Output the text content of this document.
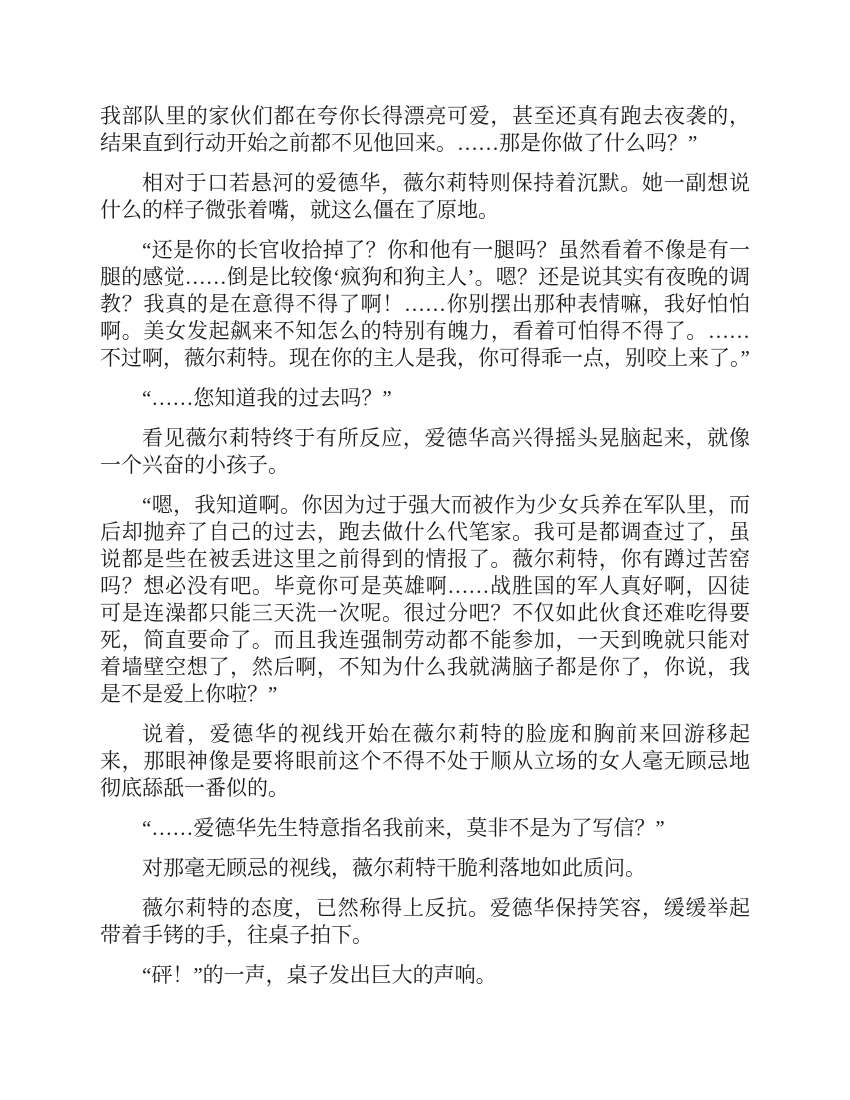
我部队里的家伙们都在夸你长得漂亮可爱，甚至还真有跑去夜袭的，结果直到行动开始之前都不见他回来。……那是你做了什么吗？”

相对于口若悬河的爱德华，薇尔莉特则保持着沉默。她一副想说什么的样子微张着嘴，就这么僵在了原地。

“还是你的长官收拾掉了？你和他有一腿吗？虽然看着不像是有一腿的感觉……倒是比较像‘疯狗和狗主人’。嗯？还是说其实有夜晚的调教？我真的是在意得不得了啊！……你别摆出那种表情嘛，我好怕怕啊。美女发起飙来不知怎么的特别有魄力，看着可怕得不得了。……不过啊，薇尔莉特。现在你的主人是我，你可得乖一点，别咬上来了。”

“……您知道我的过去吗？”

看见薇尔莉特终于有所反应，爱德华高兴得摇头晃脑起来，就像一个兴奋的小孩子。

“嗯，我知道啊。你因为过于强大而被作为少女兵养在军队里，而后却抛弃了自己的过去，跑去做什么代笔家。我可是都调查过了，虽说都是些在被丢进这里之前得到的情报了。薇尔莉特，你有蹲过苦窑吗？想必没有吧。毕竟你可是英雄啊……战胜国的军人真好啊，囚徒可是连澡都只能三天洗一次呢。很过分吧？不仅如此伙食还难吃得要死，简直要命了。而且我连强制劳动都不能参加，一天到晚就只能对着墙壁空想了，然后啊，不知为什么我就满脑子都是你了，你说，我是不是爱上你啦？”

说着，爱德华的视线开始在薇尔莉特的脸庞和胸前来回游移起来，那眼神像是要将眼前这个不得不处于顺从立场的女人毫无顾忌地彻底舔舐一番似的。

“……爱德华先生特意指名我前来，莫非不是为了写信？”

对那毫无顾忌的视线，薇尔莉特干脆利落地如此质问。

薇尔莉特的态度，已然称得上反抗。爱德华保持笑容，缓缓举起带着手铐的手，往桌子拍下。

“砰！”的一声，桌子发出巨大的声响。
